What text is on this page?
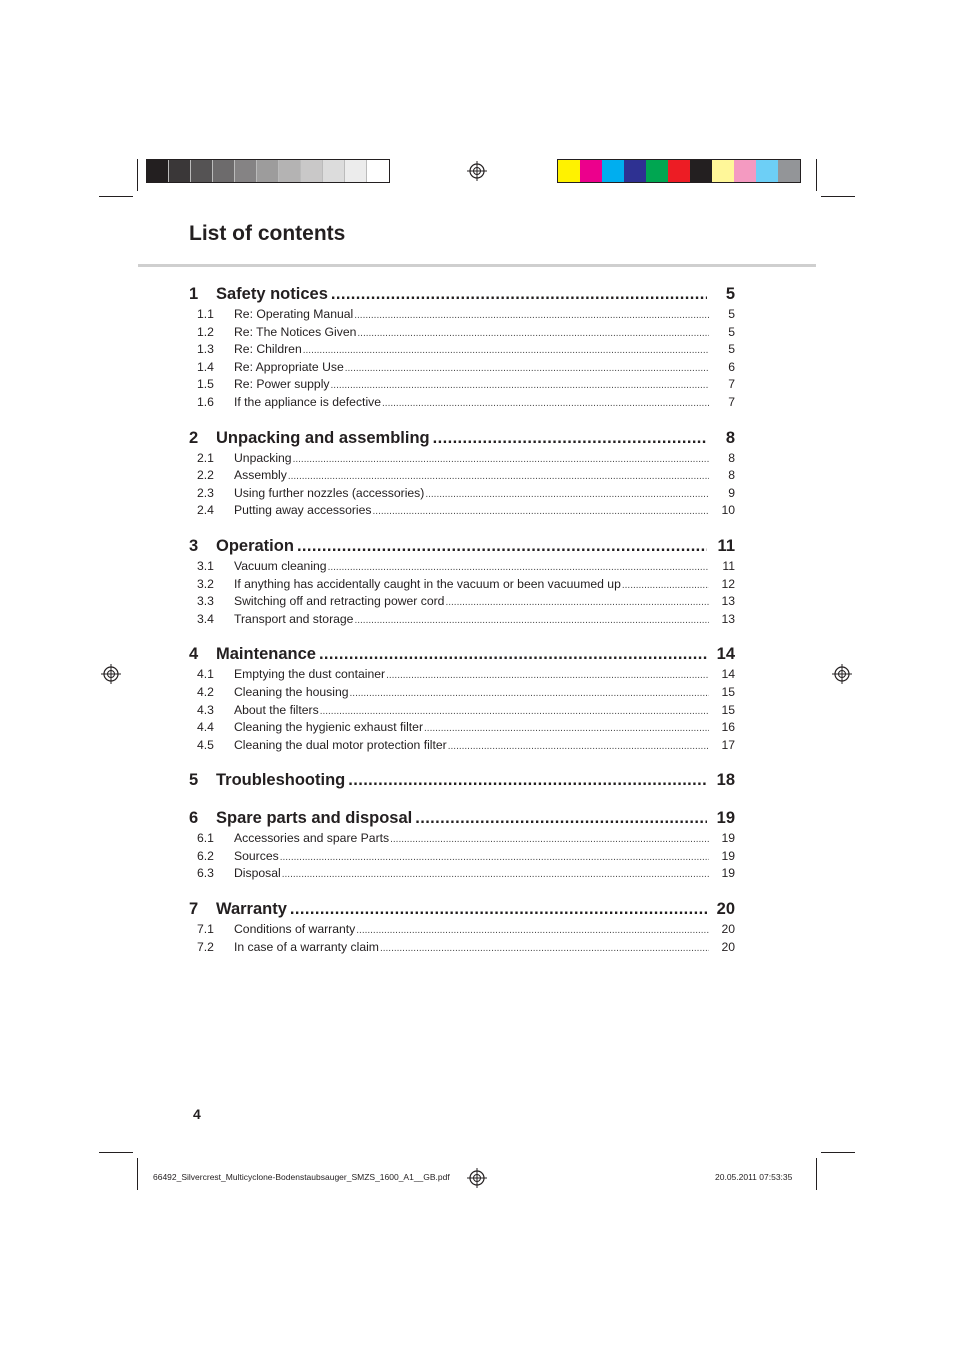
List of contents
1	Safety notices .....	5
1.1	Re: Operating Manual .....	5
1.2	Re: The Notices Given .....	5
1.3	Re: Children .....	5
1.4	Re: Appropriate Use .....	6
1.5	Re: Power supply .....	7
1.6	If the appliance is defective .....	7
2	Unpacking and assembling .....	8
2.1	Unpacking .....	8
2.2	Assembly .....	8
2.3	Using further nozzles (accessories) .....	9
2.4	Putting away accessories .....	10
3	Operation .....	11
3.1	Vacuum cleaning .....	11
3.2	If anything has accidentally caught in the vacuum or been vacuumed up .....	12
3.3	Switching off and retracting power cord .....	13
3.4	Transport and storage .....	13
4	Maintenance .....	14
4.1	Emptying the dust container .....	14
4.2	Cleaning the housing .....	15
4.3	About the filters .....	15
4.4	Cleaning the hygienic exhaust filter .....	16
4.5	Cleaning the dual motor protection filter .....	17
5	Troubleshooting .....	18
6	Spare parts and disposal .....	19
6.1	Accessories and spare Parts .....	19
6.2	Sources .....	19
6.3	Disposal .....	19
7	Warranty .....	20
7.1	Conditions of warranty .....	20
7.2	In case of a warranty claim .....	20
4
66492_Silvercrest_Multicyclone-Bodenstaubsauger_SMZS_1600_A1__GB.pdf	20.05.2011 07:53:35
